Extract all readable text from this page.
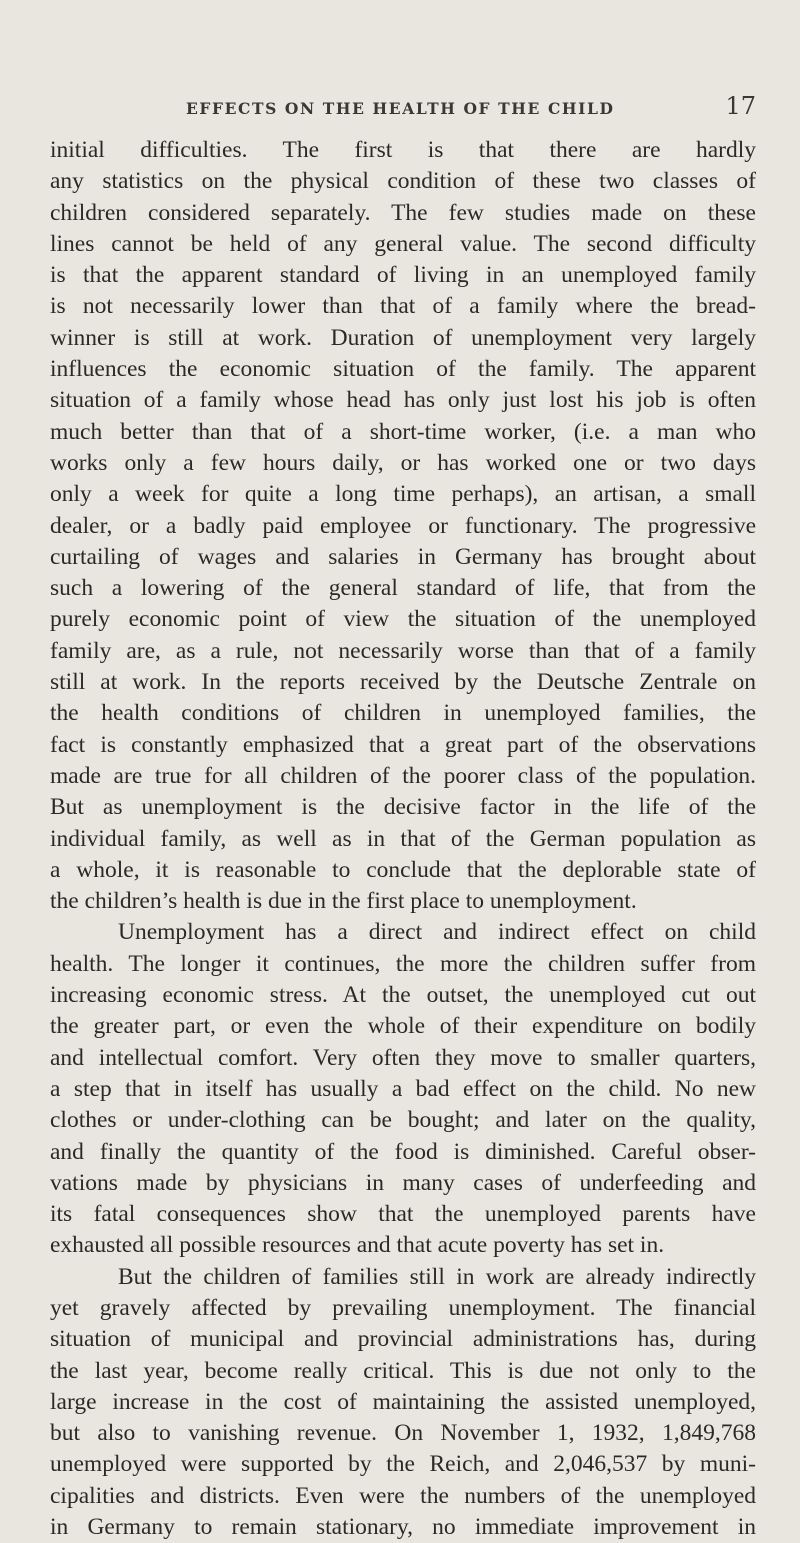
EFFECTS ON THE HEALTH OF THE CHILD	17
initial difficulties. The first is that there are hardly
any statistics on the physical condition of these two classes of
children considered separately. The few studies made on these
lines cannot be held of any general value. The second difficulty
is that the apparent standard of living in an unemployed family
is not necessarily lower than that of a family where the bread-
winner is still at work. Duration of unemployment very largely
influences the economic situation of the family. The apparent
situation of a family whose head has only just lost his job is often
much better than that of a short-time worker, (i.e. a man who
works only a few hours daily, or has worked one or two days
only a week for quite a long time perhaps), an artisan, a small
dealer, or a badly paid employee or functionary. The progressive
curtailing of wages and salaries in Germany has brought about
such a lowering of the general standard of life, that from the
purely economic point of view the situation of the unemployed
family are, as a rule, not necessarily worse than that of a family
still at work. In the reports received by the Deutsche Zentrale on
the health conditions of children in unemployed families, the
fact is constantly emphasized that a great part of the observations
made are true for all children of the poorer class of the population.
But as unemployment is the decisive factor in the life of the
individual family, as well as in that of the German population as
a whole, it is reasonable to conclude that the deplorable state of
the children’s health is due in the first place to unemployment.
Unemployment has a direct and indirect effect on child
health. The longer it continues, the more the children suffer from
increasing economic stress. At the outset, the unemployed cut out
the greater part, or even the whole of their expenditure on bodily
and intellectual comfort. Very often they move to smaller quarters,
a step that in itself has usually a bad effect on the child. No new
clothes or under-clothing can be bought; and later on the quality,
and finally the quantity of the food is diminished. Careful obser-
vations made by physicians in many cases of underfeeding and
its fatal consequences show that the unemployed parents have
exhausted all possible resources and that acute poverty has set in.
But the children of families still in work are already indirectly
yet gravely affected by prevailing unemployment. The financial
situation of municipal and provincial administrations has, during
the last year, become really critical. This is due not only to the
large increase in the cost of maintaining the assisted unemployed,
but also to vanishing revenue. On November 1, 1932, 1,849,768
unemployed were supported by the Reich, and 2,046,537 by muni-
cipalities and districts. Even were the numbers of the unemployed
in Germany to remain stationary, no immediate improvement in
